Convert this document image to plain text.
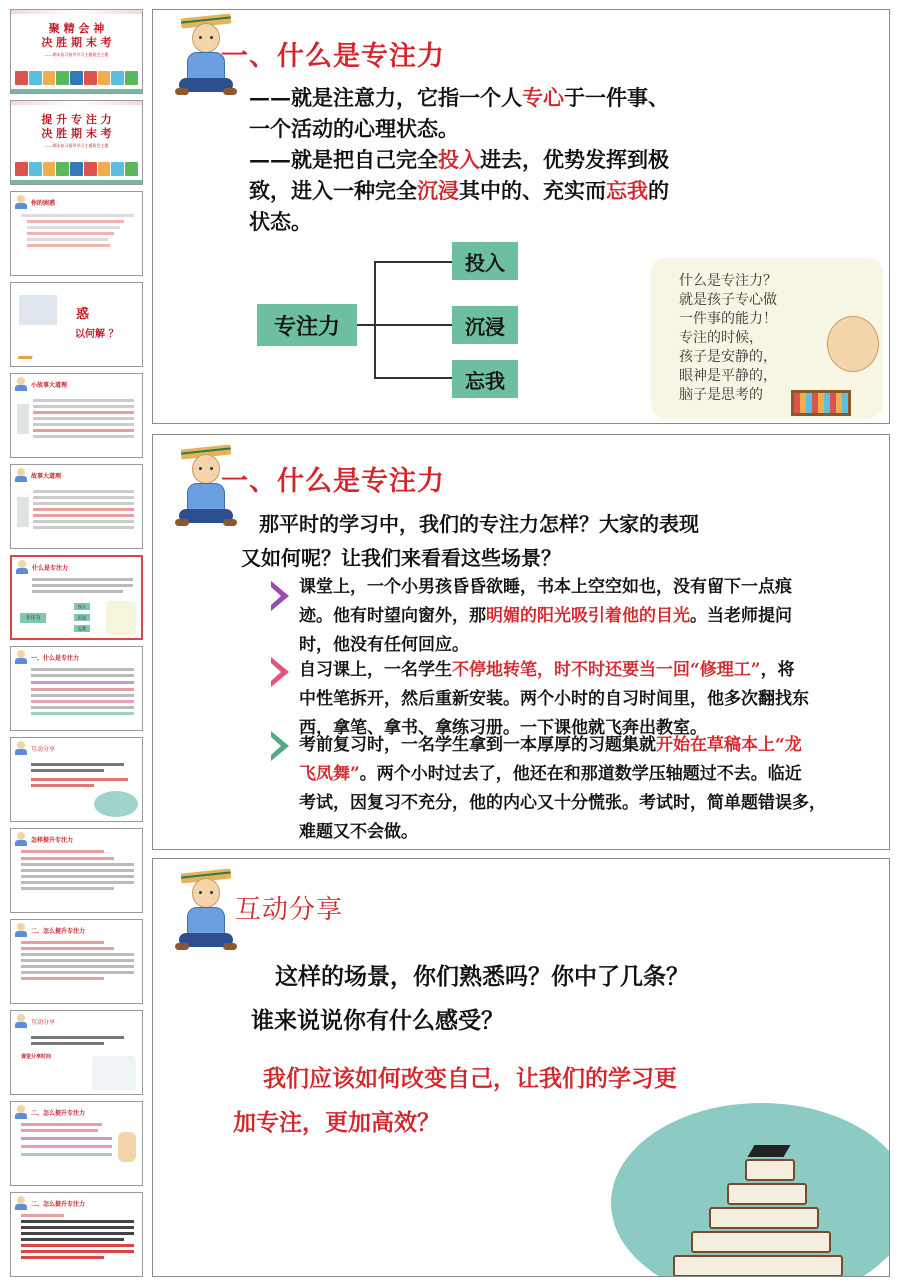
聚 精 会 神
决 胜 期 末 考
——期末复习指导学习主题班会主题
提 升 专 注 力
决 胜 期 末 考
——期末复习指导学习主题班会主题
你的困惑
惑
以何解 ？
小故事大道理
故事大道理
什么是专注力
专注力
投入
沉浸
忘我
一、什么是专注力
互动分享
怎样提升专注力
二、怎么提升专注力
互动分享
课堂分享时间
二、怎么提升专注力
二、怎么提升专注力
一、什么是专注力
——就是注意力，它指一个人专心于一件事、
一个活动的心理状态。
——就是把自己完全投入进去，优势发挥到极
致，进入一种完全沉浸其中的、充实而忘我的
状态。
专注力
投入
沉浸
忘我
什么是专注力？
就是孩子专心做
一件事的能力！
专注的时候，
孩子是安静的，
眼神是平静的，
脑子是思考的
一、什么是专注力
那平时的学习中，我们的专注力怎样？大家的表现
又如何呢？让我们来看看这些场景？
课堂上，一个小男孩昏昏欲睡，书本上空空如也，没有留下一点痕
迹。他有时望向窗外，那明媚的阳光吸引着他的目光。当老师提问
时，他没有任何回应。
自习课上，一名学生不停地转笔，时不时还要当一回“修理工”，将
中性笔拆开，然后重新安装。两个小时的自习时间里，他多次翻找东
西，拿笔、拿书、拿练习册。一下课他就飞奔出教室。
考前复习时，一名学生拿到一本厚厚的习题集就开始在草稿本上“龙
飞凤舞”。两个小时过去了，他还在和那道数学压轴题过不去。临近
考试，因复习不充分，他的内心又十分慌张。考试时，简单题错误多，
难题又不会做。
互动分享
这样的场景，你们熟悉吗？你中了几条？
谁来说说你有什么感受？
我们应该如何改变自己，让我们的学习更
加专注，更加高效？
